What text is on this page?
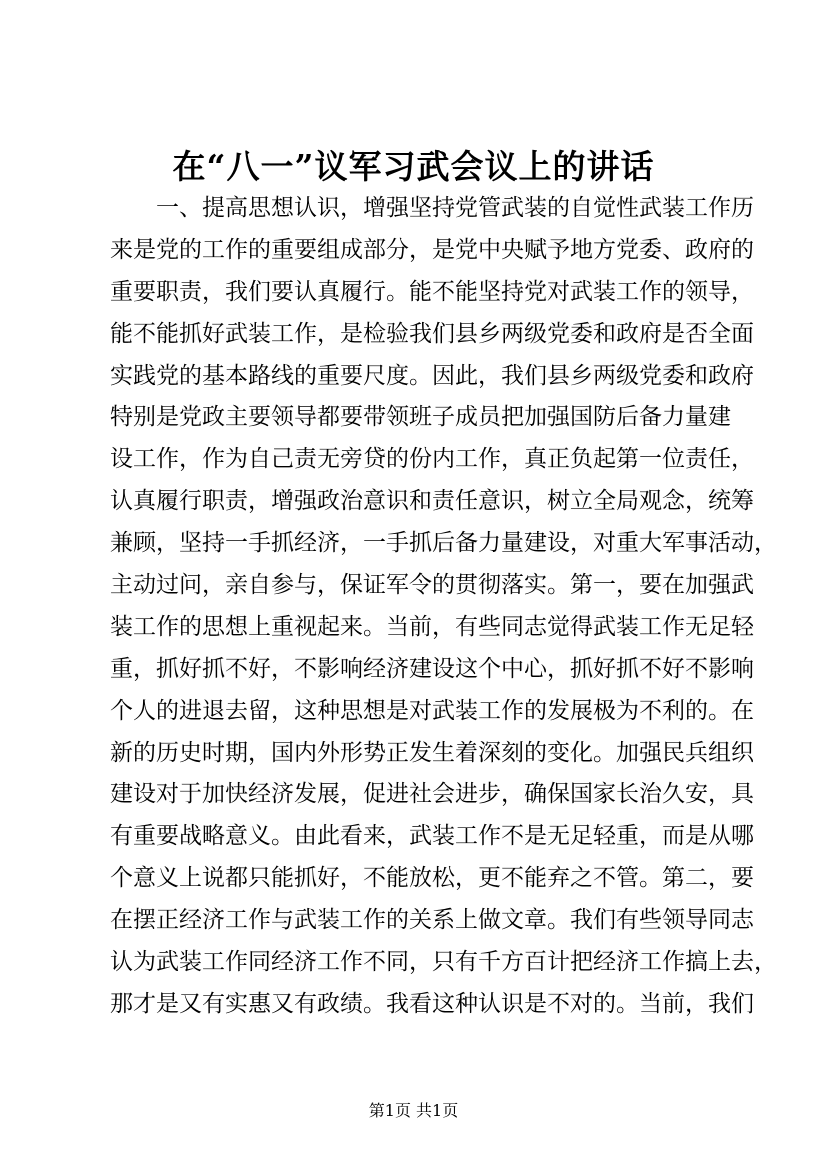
在“八一”议军习武会议上的讲话
一、提高思想认识，增强坚持党管武装的自觉性武装工作历
来是党的工作的重要组成部分，是党中央赋予地方党委、政府的
重要职责，我们要认真履行。能不能坚持党对武装工作的领导，
能不能抓好武装工作，是检验我们县乡两级党委和政府是否全面
实践党的基本路线的重要尺度。因此，我们县乡两级党委和政府
特别是党政主要领导都要带领班子成员把加强国防后备力量建
设工作，作为自己责无旁贷的份内工作，真正负起第一位责任，
认真履行职责，增强政治意识和责任意识，树立全局观念，统筹
兼顾，坚持一手抓经济，一手抓后备力量建设，对重大军事活动，
主动过问，亲自参与，保证军令的贯彻落实。第一，要在加强武
装工作的思想上重视起来。当前，有些同志觉得武装工作无足轻
重，抓好抓不好，不影响经济建设这个中心，抓好抓不好不影响
个人的进退去留，这种思想是对武装工作的发展极为不利的。在
新的历史时期，国内外形势正发生着深刻的变化。加强民兵组织
建设对于加快经济发展，促进社会进步，确保国家长治久安，具
有重要战略意义。由此看来，武装工作不是无足轻重，而是从哪
个意义上说都只能抓好，不能放松，更不能弃之不管。第二，要
在摆正经济工作与武装工作的关系上做文章。我们有些领导同志
认为武装工作同经济工作不同，只有千方百计把经济工作搞上去，
那才是又有实惠又有政绩。我看这种认识是不对的。当前，我们
第1页 共1页
